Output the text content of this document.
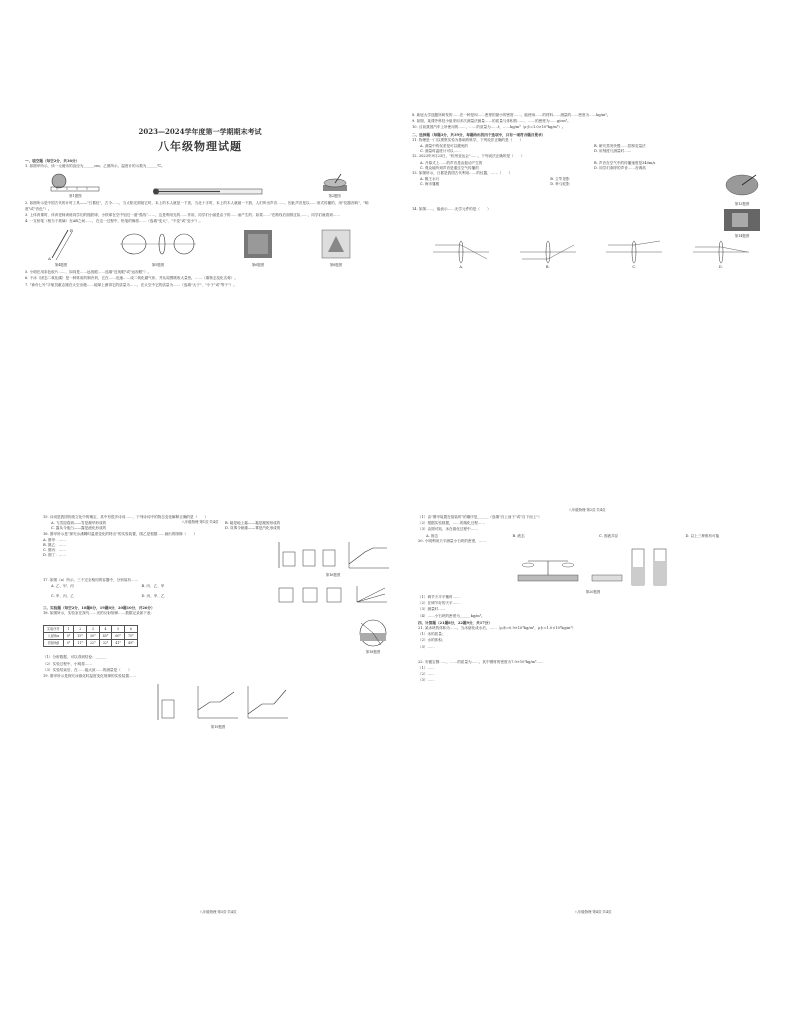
2023—2024学年度第一学期期末考试
八年级物理试题
一、填空题（每空2分，共36分）
1. 如图甲所示，读一元硬币的直径为______cm；乙图所示，温度计的示数为______℃。
第1题图	第2题图
2. 如图所示是中国古代的计时工具——"日晷仪"，古今……，当太阳光照射它时，本上的木人就是一下顶，当北十字时，本上的木人就敲一下鼓，人们听出声音……，因此声音是以……形式传播的，用"仪器音响"、"响度"或"音色"）。
3. 上体育课时，体育老师训练同学们的抛铁球，小铁球在空中划过一道"弧线"……，这是利用光的……作用，同学们小丽是由于的……而产生的；如果……"在路线后面排过队……，同学们就看到……
4. 一支铅笔（相当于玻璃）在AB之间……，在这一过程中，铅笔的像将……（选填"变大"、"不变"或"变小"）。
A
B
第4题图	第5题图	第6题图	第8题图
5. 小明在用彩色胶片……，如同是……远视眼……选填"近视眼"或"远视眼"）。
6. 干冰（固态二氧化碳）是一种常用的制冷剂，它在……迅速……成二氧化碳气体，并从周围吸收大量热，……（填物态变化名称）。
7. "神舟七号"宇航员翟志刚在太空出舱……地球上测得它的质量为……，在太空中它的质量为……（选填"大于"、"小于"或"等于"）。
八年级物理·第1页·共4页
8. 新冠大学选题所研发的……在一种是叫……密度的最小的密度……，能使用……的材料……测量的……密度为……kg/m³。
9. 如图，某课外科技小组采用多次测量法测量……的质量与体积的……，……的密度为……g/cm³。
10. 目前我国汽车上所使用的……，……的质量为……t，……kg/m³（ρ水=1.0×10³kg/m³）。
二、选择题（每题3分，共39分，每题给出的四个选项中，只有一项符合题目要求）
11. 物理是一门以观察实验为基础的科学，下列说法正确的是（　　）
A. 测量中的误差是可以避免的	B. 研究蒸发快慢……控制变量法
C. 测量时温度计可以……	D. 用刻度尺测量时……
12. 2023年9月23日，"杭州亚运会"……，下列说法正确的是（　　）
A. 开幕式上……的声音是由振动产生的	B. 声音在空气中的传播速度是340m/s
C. 观众能听到声音是通过空气传播的	D. 同学们欢呼的声音……音调高
13. 如图所示，日晷是我国古代利用……的仪器，……（　　）
A. 猴王水月	B. 立竿见影
C. 海市蜃楼	D. 杯弓蛇影
第13题图
14. 如图……，能表示……光学元件的是（　　）
第14题图
A.	B.	C.	D.
八年级物理·第2页·共4页
15. 诗词是我国传统文化中的瑰宝，其中有很多诗词……，下列诗词中的物态变化解释正确的是（　　）
A. 飞雪迎春到——雪是凝华形成的	B. 疑是地上霜——霜是凝固形成的
C. 露从今夜白——露是液化形成的	D. 岚雾今朝重——雾是汽化形成的
16. 图甲所示是"探究水沸腾时温度变化的特点"的实验装置，图乙是根据……画出的图像（　　）
A. 图甲：……
B. 图乙：……
C. 图丙：……
D. 图丁：……
第16题图
17. 如图（a）所示，三个完全相同的容器中，分别装有……
A. 乙、甲、丙	B. 丙、乙、甲
C. 甲、丙、乙	D. 丙、甲、乙
三、实验题（每空2分，18题8分，19题8分，20题10分，共26分）
18. 如图所示，实验室在探究……光的反射规律……数据记录如下表：
实验序号	1	2	3	4	5	6
入射角α	0°	15°	30°	45°	60°	75°
折射角β	0°	11°	22°	32°	41°	49°
第18题图
（1）分析数据，可以得到结论：______
（2）实验过程中，小明将……
（3）实验结束后，在……能大致……的测量是（　　）
19. 图甲所示是探究冰熔化时温度变化规律的实验装置……
第19题图
八年级物理·第3页·共4页
（1）由"图甲装置在组装时"的顺序是______（选填"自上而下"或"自下而上"）
（2）根据实验数据，……的熔化过程……
（3）由图可知，冰在熔化过程中……
A. 固态	B. 液态	C. 固液共存	D. 以上三种都有可能
20. 小明利用天平测量小石块的密度，……
第20题图
（1）调节天平平衡时……
（2）在调节好的天平……
（3）测量时……
（4）……小石块的密度为______kg/m³。
四、计算题（21题8分，22题9分，共17分）
21. 某冰块的体积为……，当冰熔化成水后，……（ρ冰=0.9×10³kg/m³，ρ水=1.0×10³kg/m³）
（1）冰的质量；
（2）水的体积；
（3）……
22. 安徽宝钢……，……的质量为……，其中钢材的密度为7.9×10³kg/m³……
（1）……
（2）……
（3）……
八年级物理·第4页·共4页
